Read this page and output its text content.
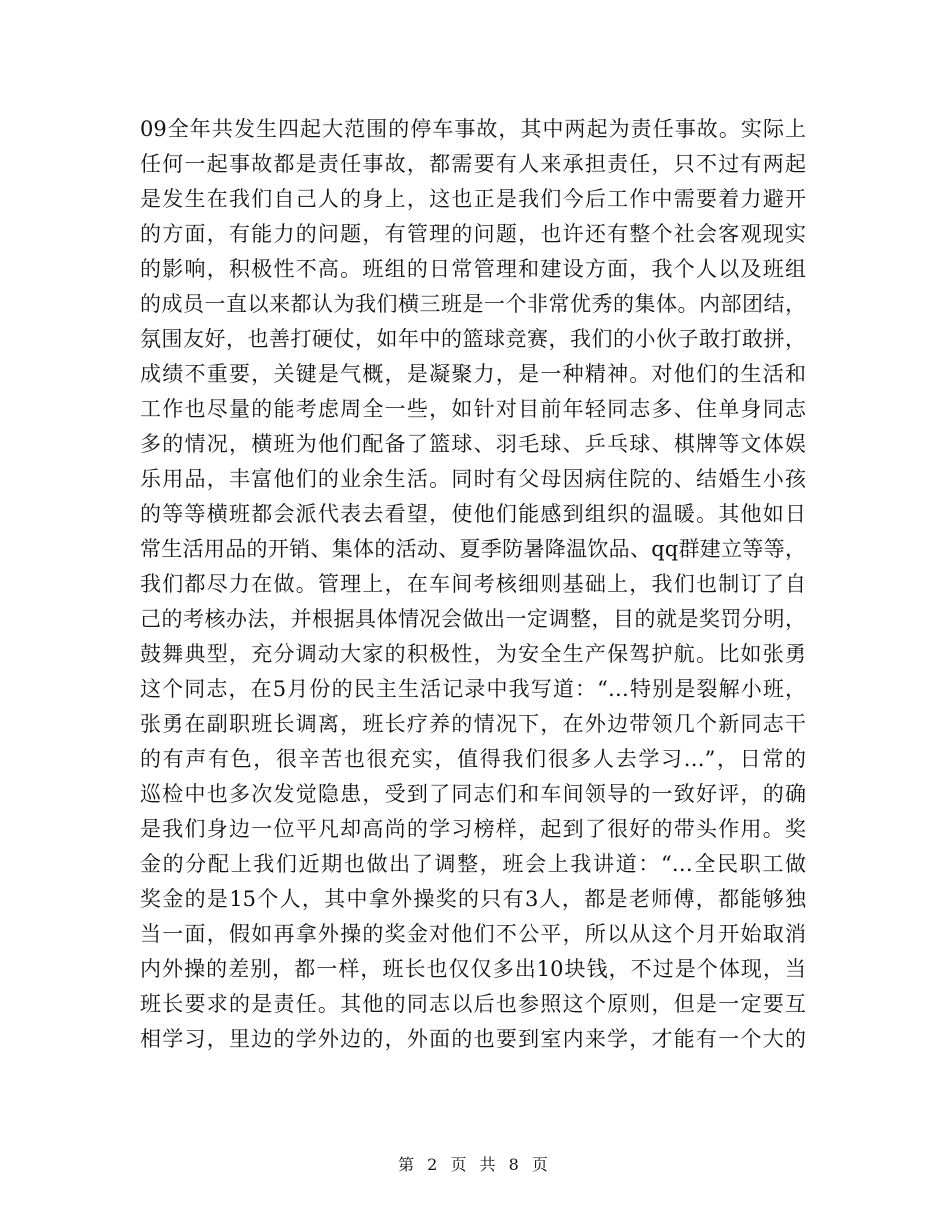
09全年共发生四起大范围的停车事故，其中两起为责任事故。实际上
任何一起事故都是责任事故，都需要有人来承担责任，只不过有两起
是发生在我们自己人的身上，这也正是我们今后工作中需要着力避开
的方面，有能力的问题，有管理的问题，也许还有整个社会客观现实
的影响，积极性不高。班组的日常管理和建设方面，我个人以及班组
的成员一直以来都认为我们横三班是一个非常优秀的集体。内部团结，
氛围友好，也善打硬仗，如年中的篮球竞赛，我们的小伙子敢打敢拼，
成绩不重要，关键是气概，是凝聚力，是一种精神。对他们的生活和
工作也尽量的能考虑周全一些，如针对目前年轻同志多、住单身同志
多的情况，横班为他们配备了篮球、羽毛球、乒乓球、棋牌等文体娱
乐用品，丰富他们的业余生活。同时有父母因病住院的、结婚生小孩
的等等横班都会派代表去看望，使他们能感到组织的温暖。其他如日
常生活用品的开销、集体的活动、夏季防暑降温饮品、qq群建立等等，
我们都尽力在做。管理上，在车间考核细则基础上，我们也制订了自
己的考核办法，并根据具体情况会做出一定调整，目的就是奖罚分明，
鼓舞典型，充分调动大家的积极性，为安全生产保驾护航。比如张勇
这个同志，在5月份的民主生活记录中我写道：“…特别是裂解小班，
张勇在副职班长调离，班长疗养的情况下，在外边带领几个新同志干
的有声有色，很辛苦也很充实，值得我们很多人去学习…”，日常的
巡检中也多次发觉隐患，受到了同志们和车间领导的一致好评，的确
是我们身边一位平凡却高尚的学习榜样，起到了很好的带头作用。奖
金的分配上我们近期也做出了调整，班会上我讲道：“…全民职工做
奖金的是15个人，其中拿外操奖的只有3人，都是老师傅，都能够独
当一面，假如再拿外操的奖金对他们不公平，所以从这个月开始取消
内外操的差别，都一样，班长也仅仅多出10块钱，不过是个体现，当
班长要求的是责任。其他的同志以后也参照这个原则，但是一定要互
相学习，里边的学外边的，外面的也要到室内来学，才能有一个大的
第 2 页 共 8 页
